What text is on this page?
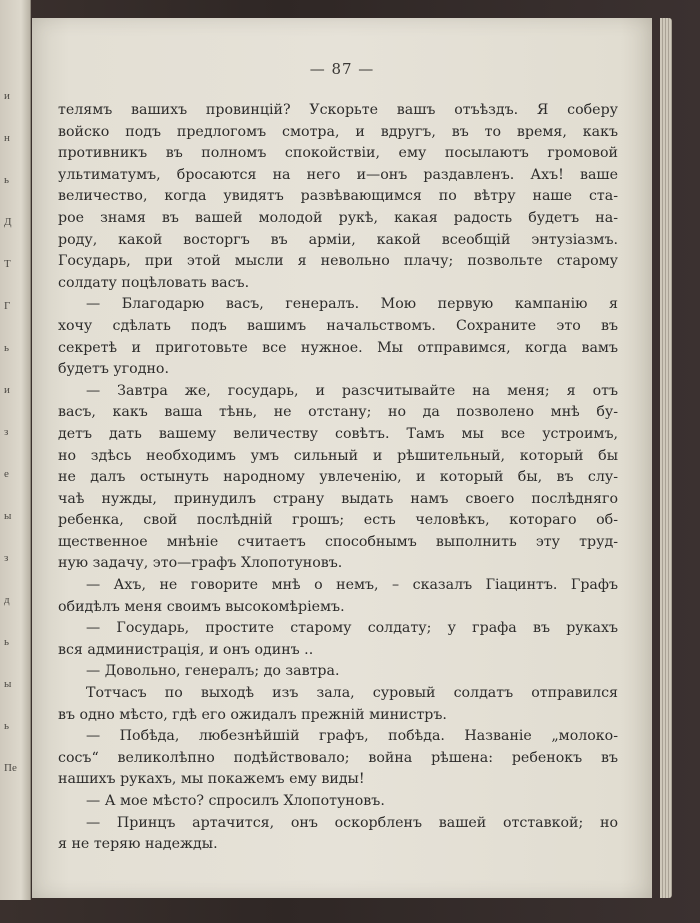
и
н
ь
Д
Т
Г
ь
и
з
е
ы
з
д
ь
ы
ь
Пе
— 87 —
телямъ вашихъ провинцій? Ускорьте вашъ отъѣздъ. Я соберу
войско подъ предлогомъ смотра, и вдругъ, въ то время, какъ
противникъ въ полномъ спокойствіи, ему посылаютъ громовой
ультиматумъ, бросаются на него и—онъ раздавленъ. Ахъ! ваше
величество, когда увидятъ развѣвающимся по вѣтру наше ста-
рое знамя въ вашей молодой рукѣ, какая радость будетъ на-
роду, какой восторгъ въ арміи, какой всеобщій энтузіазмъ.
Государь, при этой мысли я невольно плачу; позвольте старому
солдату поцѣловать васъ.
— Благодарю васъ, генералъ. Мою первую кампанію я
хочу сдѣлать подъ вашимъ начальствомъ. Сохраните это въ
секретѣ и приготовьте все нужное. Мы отправимся, когда вамъ
будетъ угодно.
— Завтра же, государь, и разсчитывайте на меня; я отъ
васъ, какъ ваша тѣнь, не отстану; но да позволено мнѣ бу-
детъ дать вашему величеству совѣтъ. Тамъ мы все устроимъ,
но здѣсь необходимъ умъ сильный и рѣшительный, который бы
не далъ остынуть народному увлеченію, и который бы, въ слу-
чаѣ нужды, принудилъ страну выдать намъ своего послѣдняго
ребенка, свой послѣдній грошъ; есть человѣкъ, котораго об-
щественное мнѣніе считаетъ способнымъ выполнить эту труд-
ную задачу, это—графъ Хлопотуновъ.
— Ахъ, не говорите мнѣ о немъ, – сказалъ Гіацинтъ. Графъ
обидѣлъ меня своимъ высокомѣріемъ.
— Государь, простите старому солдату; у графа въ рукахъ
вся администрація, и онъ одинъ ..
— Довольно, генералъ; до завтра.
Тотчасъ по выходѣ изъ зала, суровый солдатъ отправился
въ одно мѣсто, гдѣ его ожидалъ прежній министръ.
— Побѣда, любезнѣйшій графъ, побѣда. Названіе „молоко-
сосъ“ великолѣпно подѣйствовало; война рѣшена: ребенокъ въ
нашихъ рукахъ, мы покажемъ ему виды!
— А мое мѣсто? спросилъ Хлопотуновъ.
— Принцъ артачится, онъ оскорбленъ вашей отставкой; но
я не теряю надежды.
